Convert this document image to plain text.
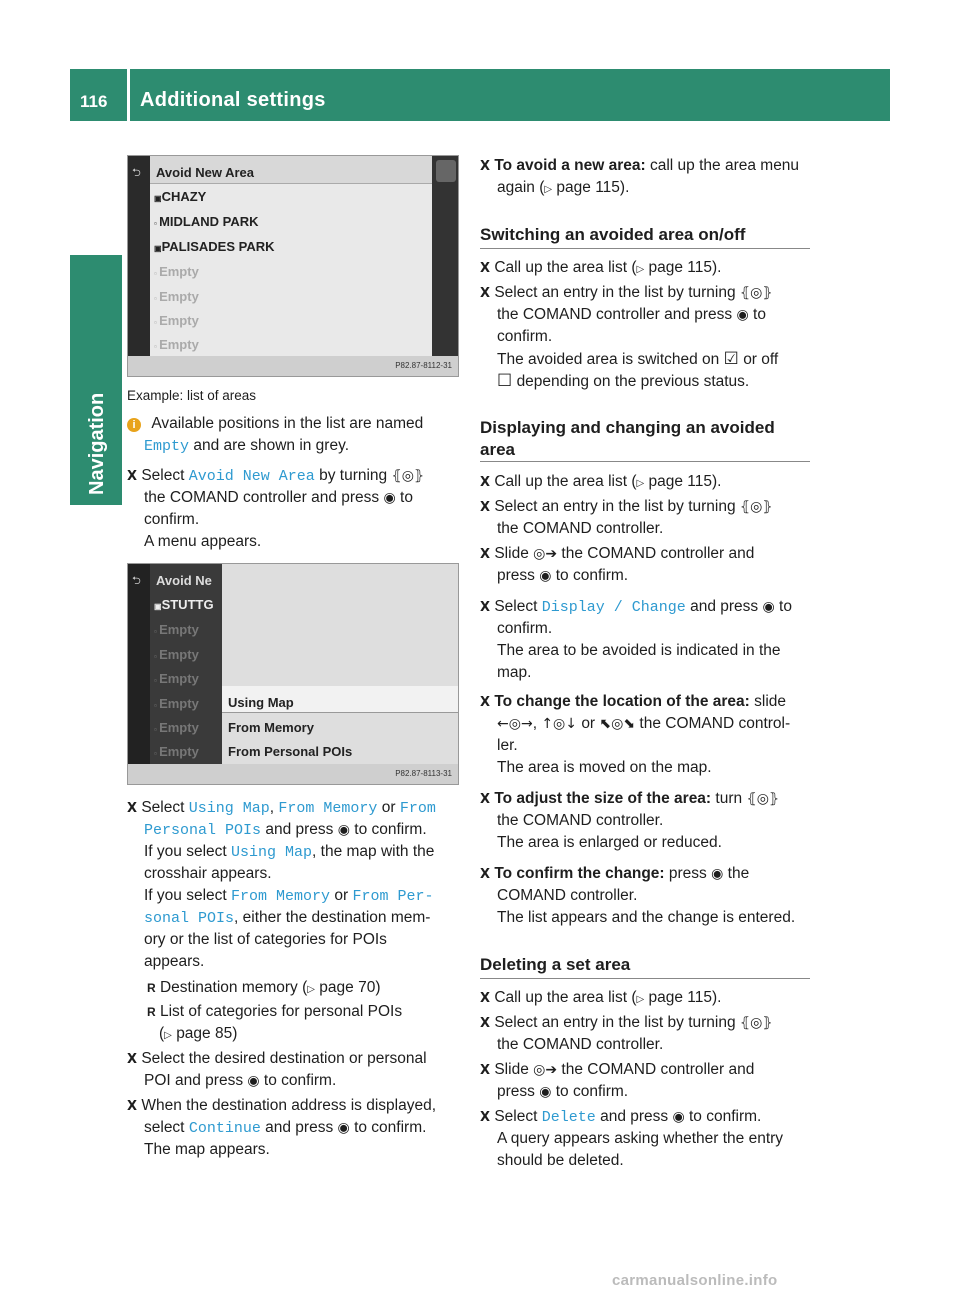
116 Additional settings
Navigation
⮌ Avoid New Area
▣CHAZY
▫ MIDLAND PARK
▣PALISADES PARK
▫ Empty
▫ Empty
▫ Empty
▫ Empty
P82.87-8112-31
Example: list of areas
i Available positions in the list are named
Empty and are shown in grey.
X Select Avoid New Area by turning ⦃◎⦄
the COMAND controller and press ◉ to
confirm.
A menu appears.
⮌ Avoid Ne
▣STUTTG
▫ Empty
▫ Empty
▫ Empty
▫ Empty
▫ Empty
▫ Empty
Using Map
From Memory
From Personal POIs
P82.87-8113-31
X Select Using Map, From Memory or From
Personal POIs and press ◉ to confirm.
If you select Using Map, the map with the
crosshair appears.
If you select From Memory or From Per‐
sonal POIs, either the destination mem-
ory or the list of categories for POIs
appears.
R Destination memory (▷ page 70)
R List of categories for personal POIs
(▷ page 85)
X Select the desired destination or personal
POI and press ◉ to confirm.
X When the destination address is displayed,
select Continue and press ◉ to confirm.
The map appears.
X To avoid a new area: call up the area menu
again (▷ page 115).
Switching an avoided area on/off
X Call up the area list (▷ page 115).
X Select an entry in the list by turning ⦃◎⦄
the COMAND controller and press ◉ to
confirm.
The avoided area is switched on ☑ or off
☐ depending on the previous status.
Displaying and changing an avoided
area
X Call up the area list (▷ page 115).
X Select an entry in the list by turning ⦃◎⦄
the COMAND controller.
X Slide ◎➔ the COMAND controller and
press ◉ to confirm.
X Select Display / Change and press ◉ to
confirm.
The area to be avoided is indicated in the
map.
X To change the location of the area: slide
←◎→, ↑◎↓ or ⬉◎⬊ the COMAND control-
ler.
The area is moved on the map.
X To adjust the size of the area: turn ⦃◎⦄
the COMAND controller.
The area is enlarged or reduced.
X To confirm the change: press ◉ the
COMAND controller.
The list appears and the change is entered.
Deleting a set area
X Call up the area list (▷ page 115).
X Select an entry in the list by turning ⦃◎⦄
the COMAND controller.
X Slide ◎➔ the COMAND controller and
press ◉ to confirm.
X Select Delete and press ◉ to confirm.
A query appears asking whether the entry
should be deleted.
carmanualsonline.info
